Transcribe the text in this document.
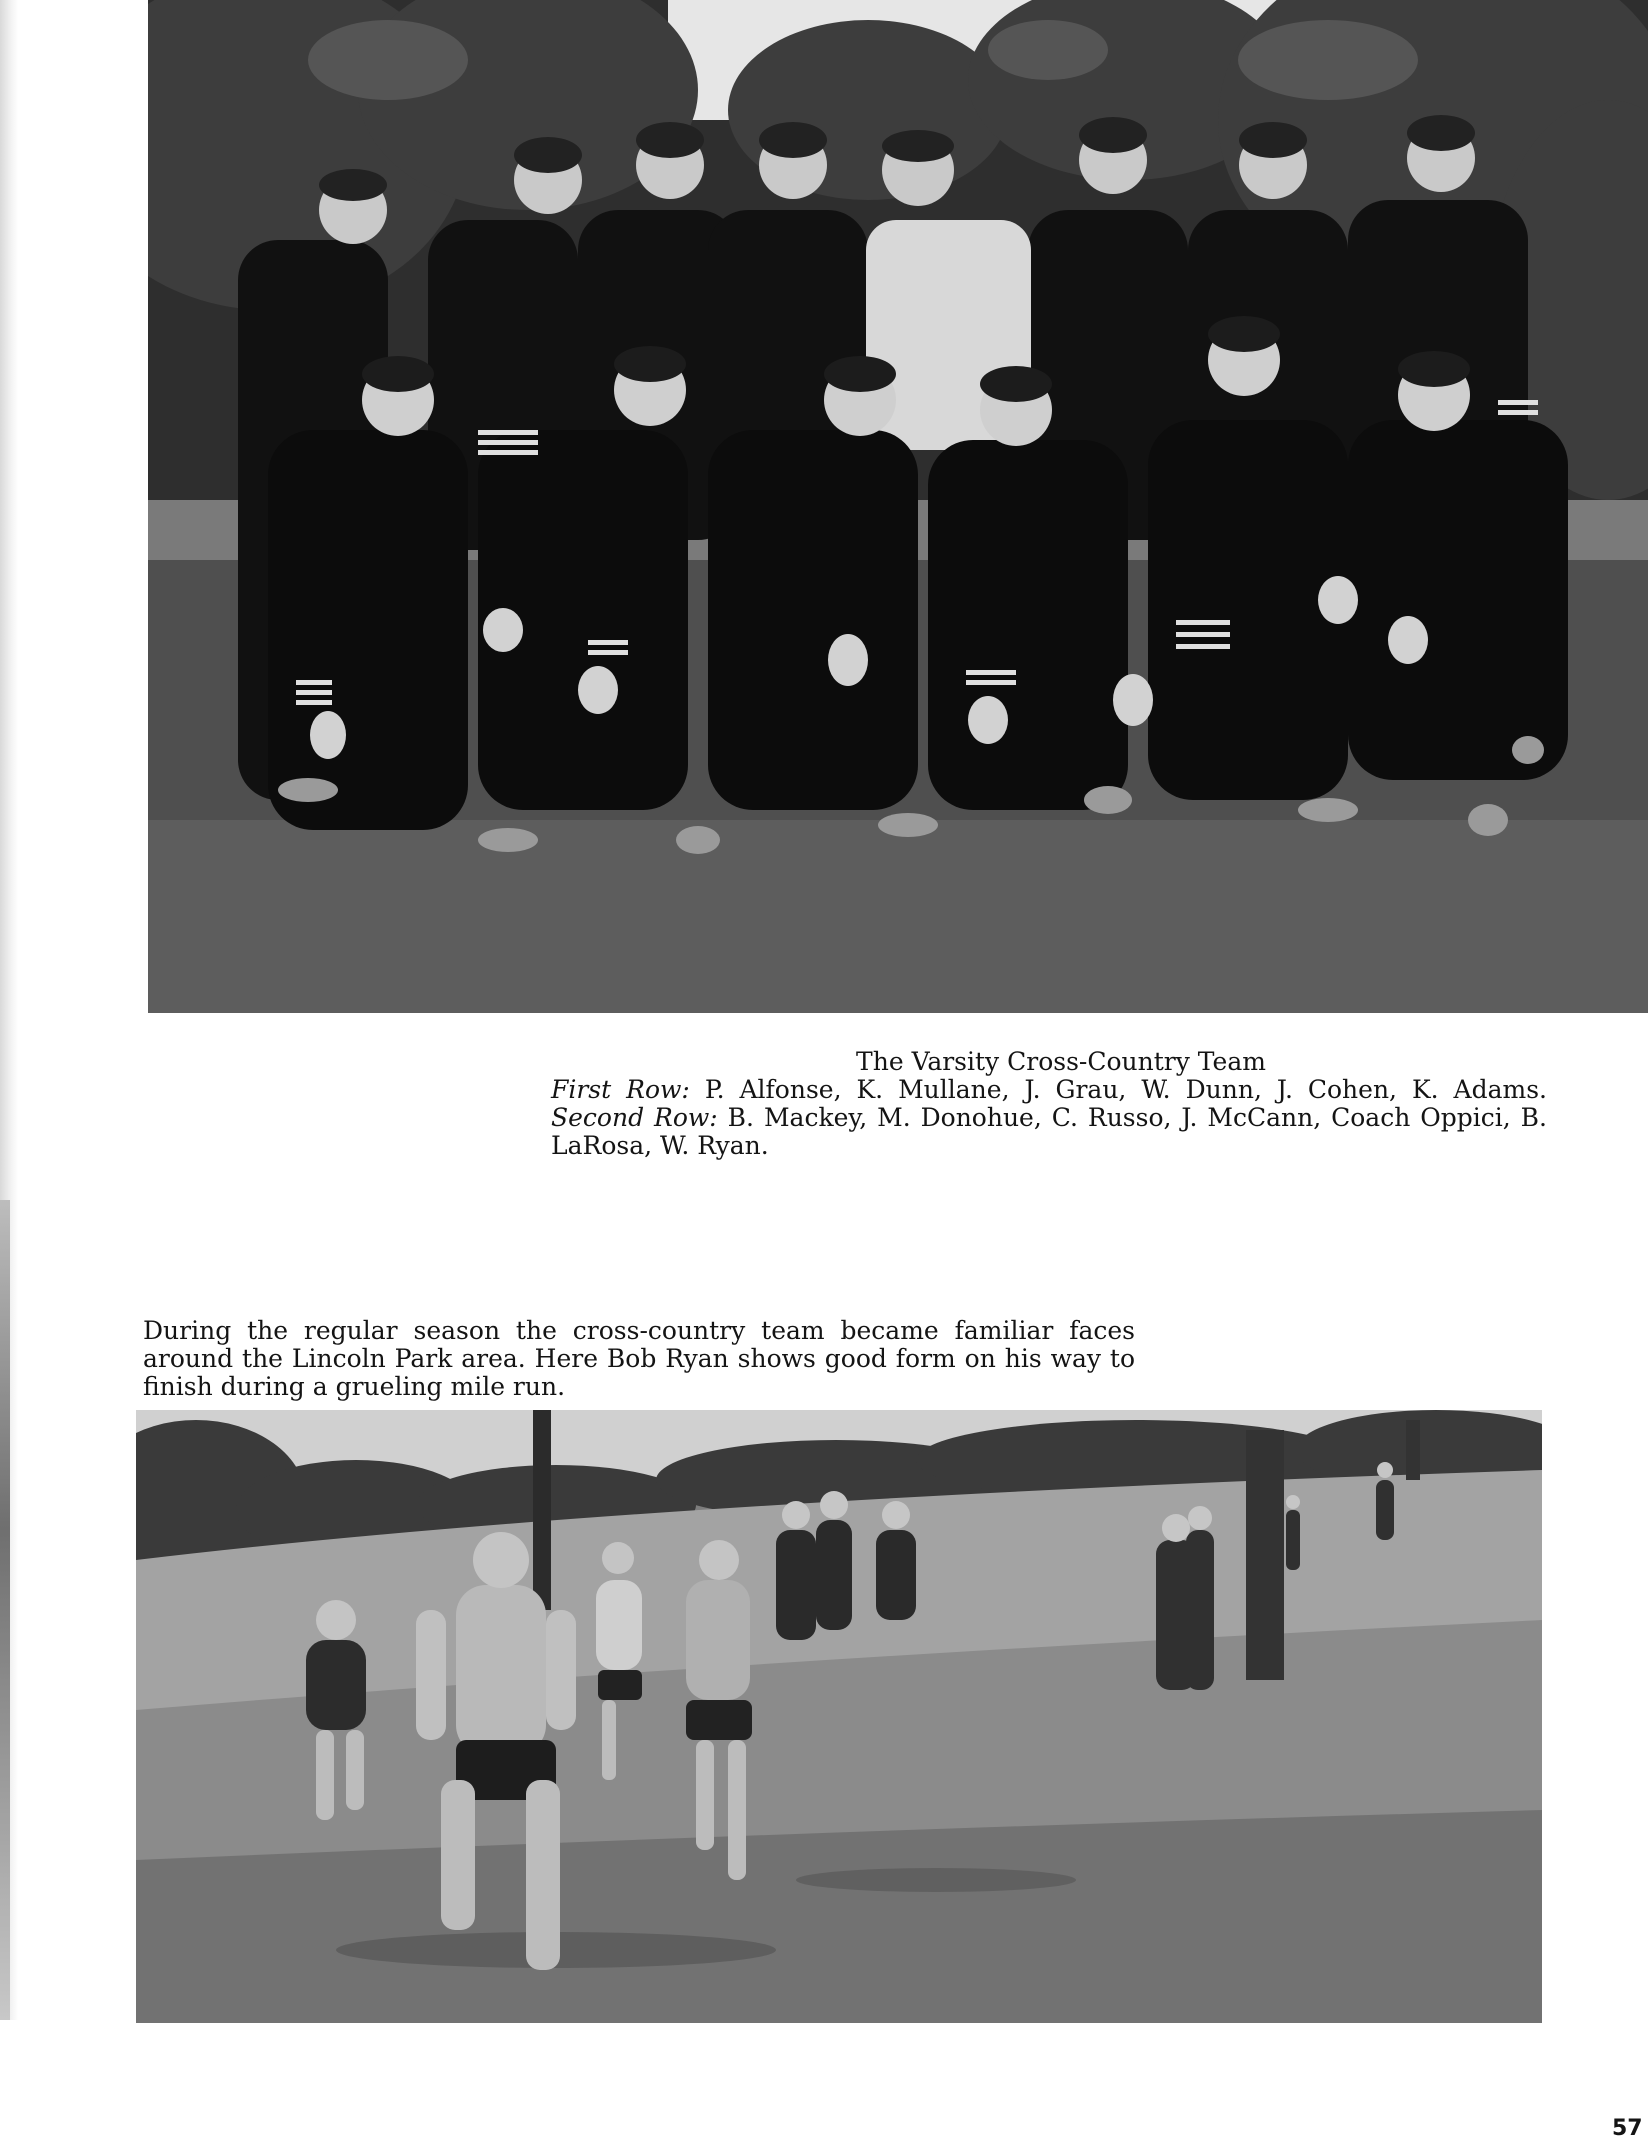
The Varsity Cross-Country Team
First Row: P. Alfonse, K. Mullane, J. Grau, W. Dunn, J. Cohen, K. Adams. Second Row: B. Mackey, M. Donohue, C. Russo, J. McCann, Coach Oppici, B. LaRosa, W. Ryan.
During the regular season the cross-country team became familiar faces around the Lincoln Park area. Here Bob Ryan shows good form on his way to finish during a grueling mile run.
57
